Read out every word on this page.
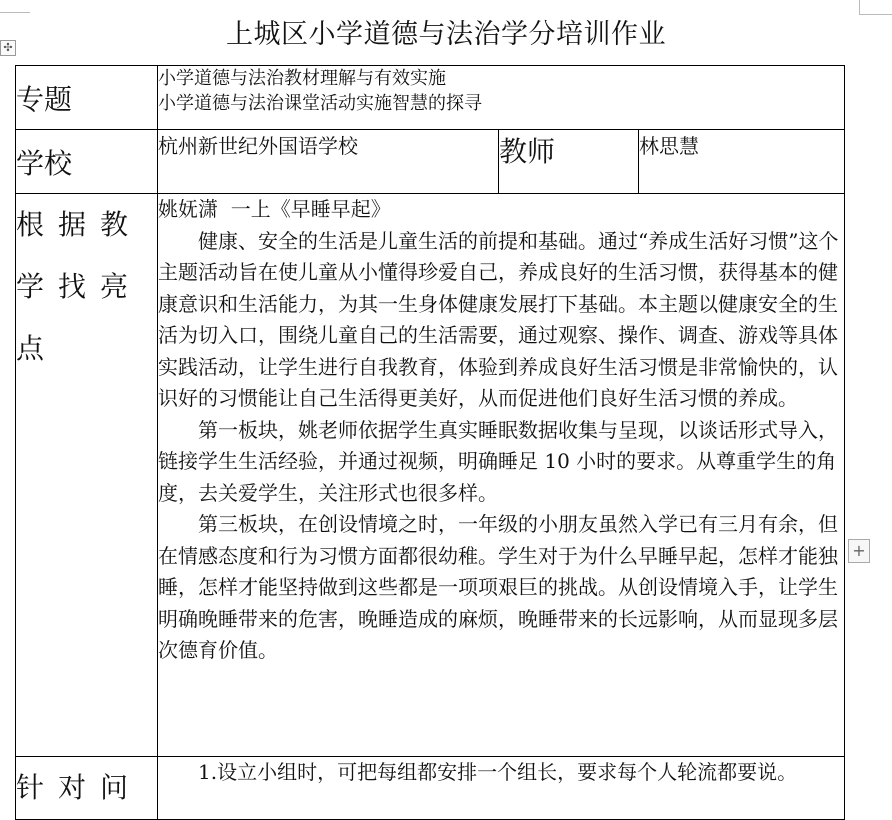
上城区小学道德与法治学分培训作业
✣
专题	小学道德与法治教材理解与有效实施
小学道德与法治课堂活动实施智慧的探寻		

学校	杭州新世纪外国语学校	教师	林思慧
根据教学找亮点	姚妩潇  一上《早睡早起》

健康、安全的生活是儿童生活的前提和基础。通过“养成生活好习惯”这个主题活动旨在使儿童从小懂得珍爱自己，养成良好的生活习惯，获得基本的健康意识和生活能力，为其一生身体健康发展打下基础。本主题以健康安全的生活为切入口，围绕儿童自己的生活需要，通过观察、操作、调查、游戏等具体实践活动，让学生进行自我教育，体验到养成良好生活习惯是非常愉快的，认识好的习惯能让自己生活得更美好，从而促进他们良好生活习惯的养成。

第一板块，姚老师依据学生真实睡眠数据收集与呈现，以谈话形式导入，链接学生生活经验，并通过视频，明确睡足 10 小时的要求。从尊重学生的角度，去关爱学生，关注形式也很多样。

第三板块，在创设情境之时，一年级的小朋友虽然入学已有三月有余，但在情感态度和行为习惯方面都很幼稚。学生对于为什么早睡早起，怎样才能独睡，怎样才能坚持做到这些都是一项项艰巨的挑战。从创设情境入手，让学生明确晚睡带来的危害，晚睡造成的麻烦，晚睡带来的长远影响，从而显现多层次德育价值。		

针对问	1.设立小组时，可把每组都安排一个组长，要求每个人轮流都要说。		

+
